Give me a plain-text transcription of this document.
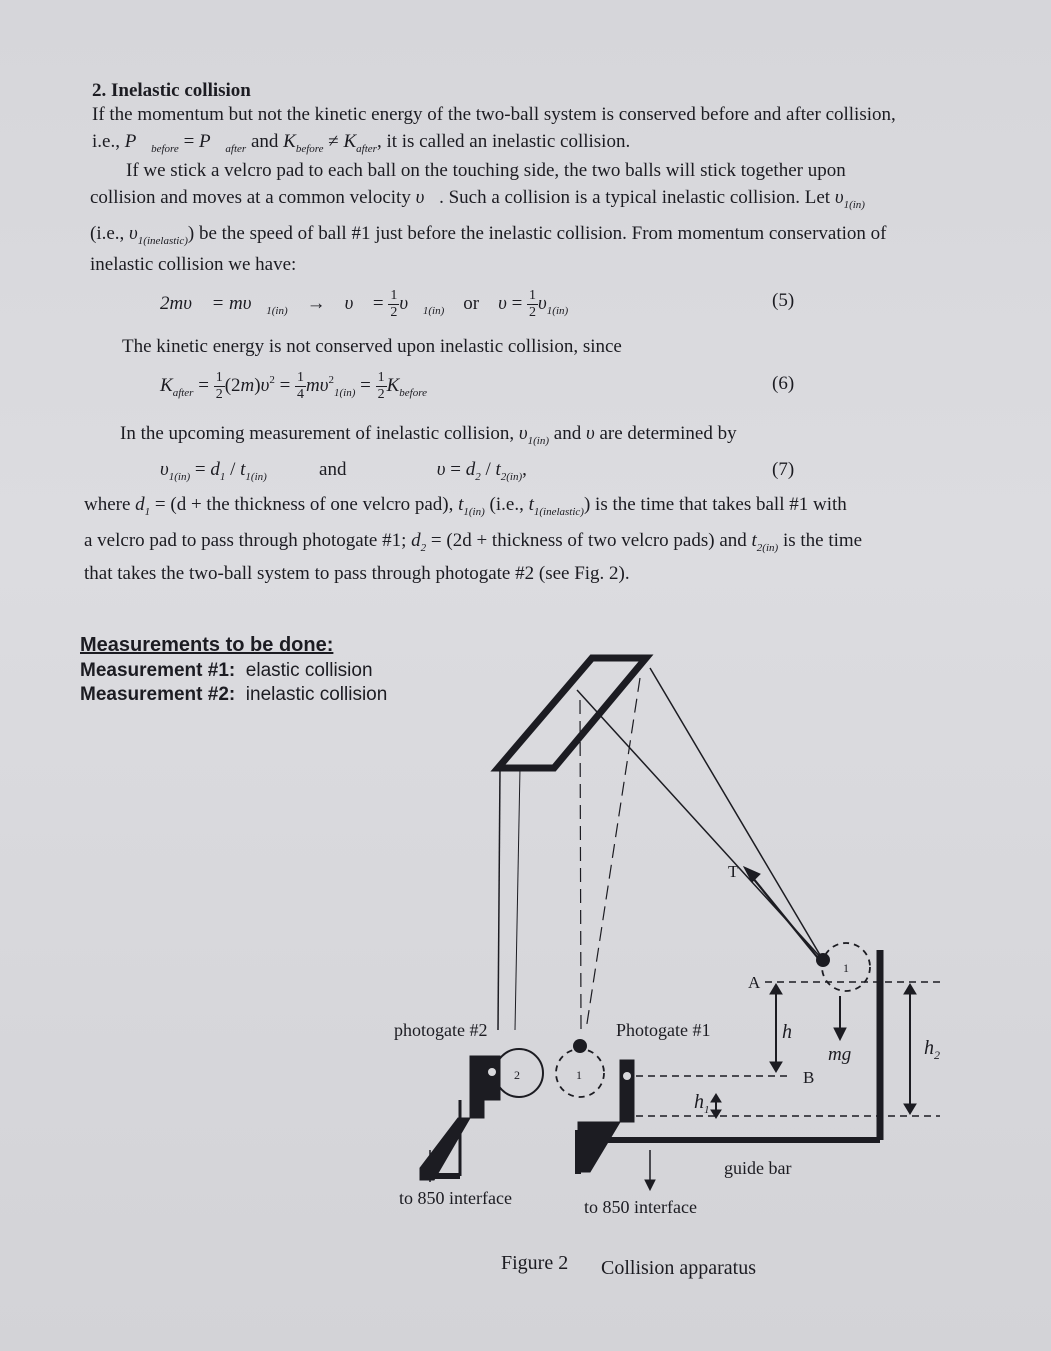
2. Inelastic collision
If the momentum but not the kinetic energy of the two-ball system is conserved before and after collision,
i.e., $P⃗_{before}$ = $P⃗_{after}$ and $K_{before} \ne K_{after}$, it is called an inelastic collision.
If we stick a velcro pad to each ball on the touching side, the two balls will stick together upon
collision and moves at a common velocity υ⃗. Such a collision is a typical inelastic collision. Let $\upsilon_{1(in)}$
(i.e., $\upsilon_{1(inelastic)}$) be the speed of ball #1 just before the inelastic collision. From momentum conservation of
inelastic collision we have:
2mυ⃗ = $m\upsilon⃗_{1(in)}$    →    υ⃗ = $\frac{1}{2}$ $\upsilon⃗_{1(in)}$ or $\upsilon = \frac{1}{2} \upsilon_{1(in)}$	(5)
The kinetic energy is not conserved upon inelastic collision, since
$K_{after} = \frac{1}{2} (2m)\upsilon^2 = \frac{1}{4} m\upsilon^2_{1(in)} = \frac{1}{2} K_{before}$	(6)
In the upcoming measurement of inelastic collision, $\upsilon_{1(in)}$ and υ are determined by
$\upsilon_{1(in)} = d_1 / t_{1(in)}$	and	$\upsilon = d_2 / t_{2(in)}$,	(7)
where $d_1 = (d$ + the thickness of one velcro pad), $t_{1(in)}$ (i.e., $t_{1(inelastic)}$) is the time that takes ball #1 with
a velcro pad to pass through photogate #1; $d_2 = (2d$ + thickness of two velcro pads) and $t_{2(in)}$ is the time
that takes the two-ball system to pass through photogate #2 (see Fig. 2).
Measurements to be done:
Measurement #1: elastic collision
Measurement #2: inelastic collision
photogate #2	Photogate #1
2	1
1
T
A
B
h
mg	$h_2$
$h_1$
guide bar
to 850 interface	to 850 interface
Figure 2 Collision apparatus
